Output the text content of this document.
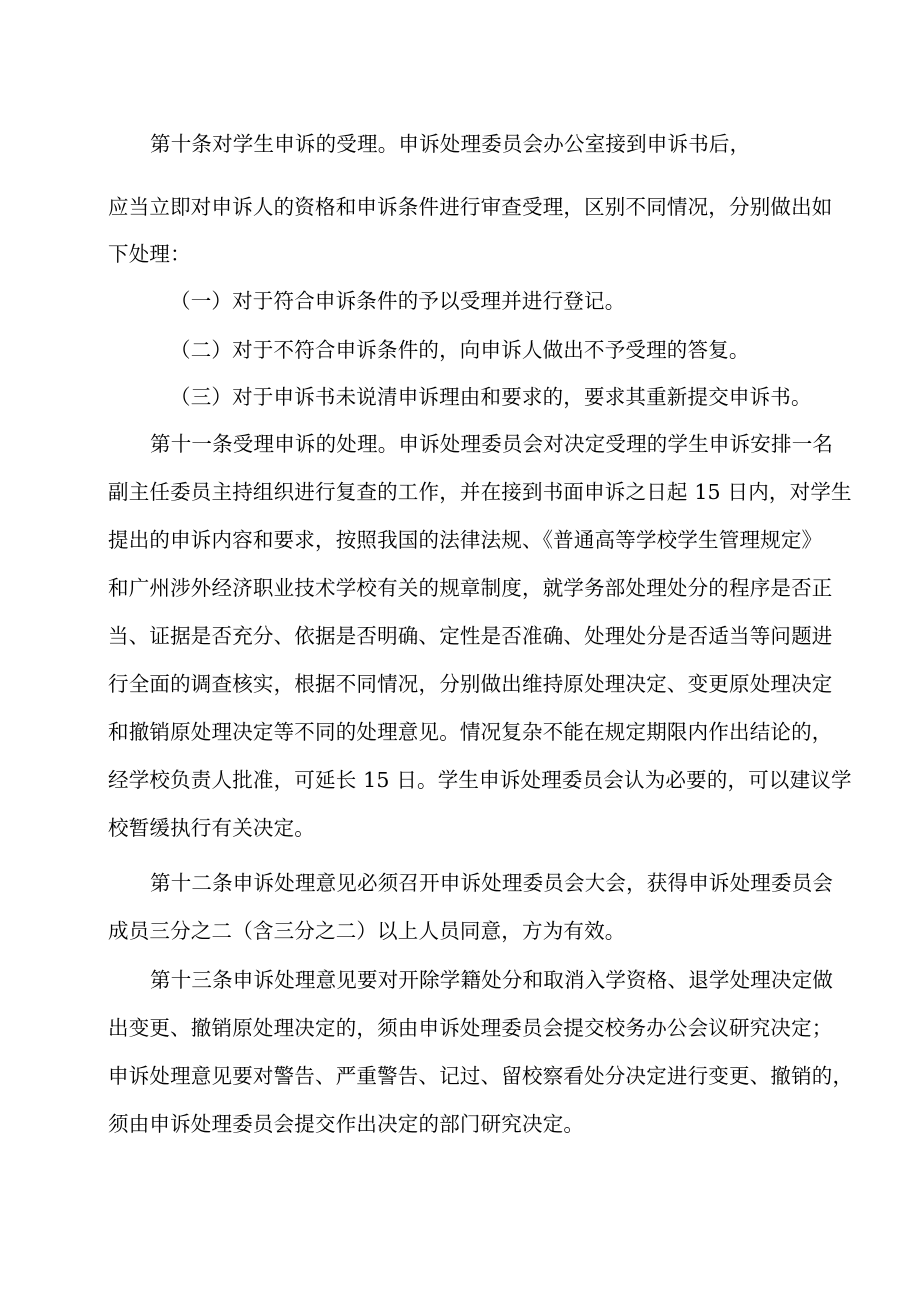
第十条对学生申诉的受理。申诉处理委员会办公室接到申诉书后，
应当立即对申诉人的资格和申诉条件进行审查受理，区别不同情况，分别做出如
下处理：
（一）对于符合申诉条件的予以受理并进行登记。
（二）对于不符合申诉条件的，向申诉人做出不予受理的答复。
（三）对于申诉书未说清申诉理由和要求的，要求其重新提交申诉书。
第十一条受理申诉的处理。申诉处理委员会对决定受理的学生申诉安排一名
副主任委员主持组织进行复查的工作，并在接到书面申诉之日起 15 日内，对学生
提出的申诉内容和要求，按照我国的法律法规、《普通高等学校学生管理规定》
和广州涉外经济职业技术学校有关的规章制度，就学务部处理处分的程序是否正
当、证据是否充分、依据是否明确、定性是否准确、处理处分是否适当等问题进
行全面的调查核实，根据不同情况，分别做出维持原处理决定、变更原处理决定
和撤销原处理决定等不同的处理意见。情况复杂不能在规定期限内作出结论的，
经学校负责人批准，可延长 15 日。学生申诉处理委员会认为必要的，可以建议学
校暂缓执行有关决定。
第十二条申诉处理意见必须召开申诉处理委员会大会，获得申诉处理委员会
成员三分之二（含三分之二）以上人员同意，方为有效。
第十三条申诉处理意见要对开除学籍处分和取消入学资格、退学处理决定做
出变更、撤销原处理决定的，须由申诉处理委员会提交校务办公会议研究决定；
申诉处理意见要对警告、严重警告、记过、留校察看处分决定进行变更、撤销的，
须由申诉处理委员会提交作出决定的部门研究决定。
